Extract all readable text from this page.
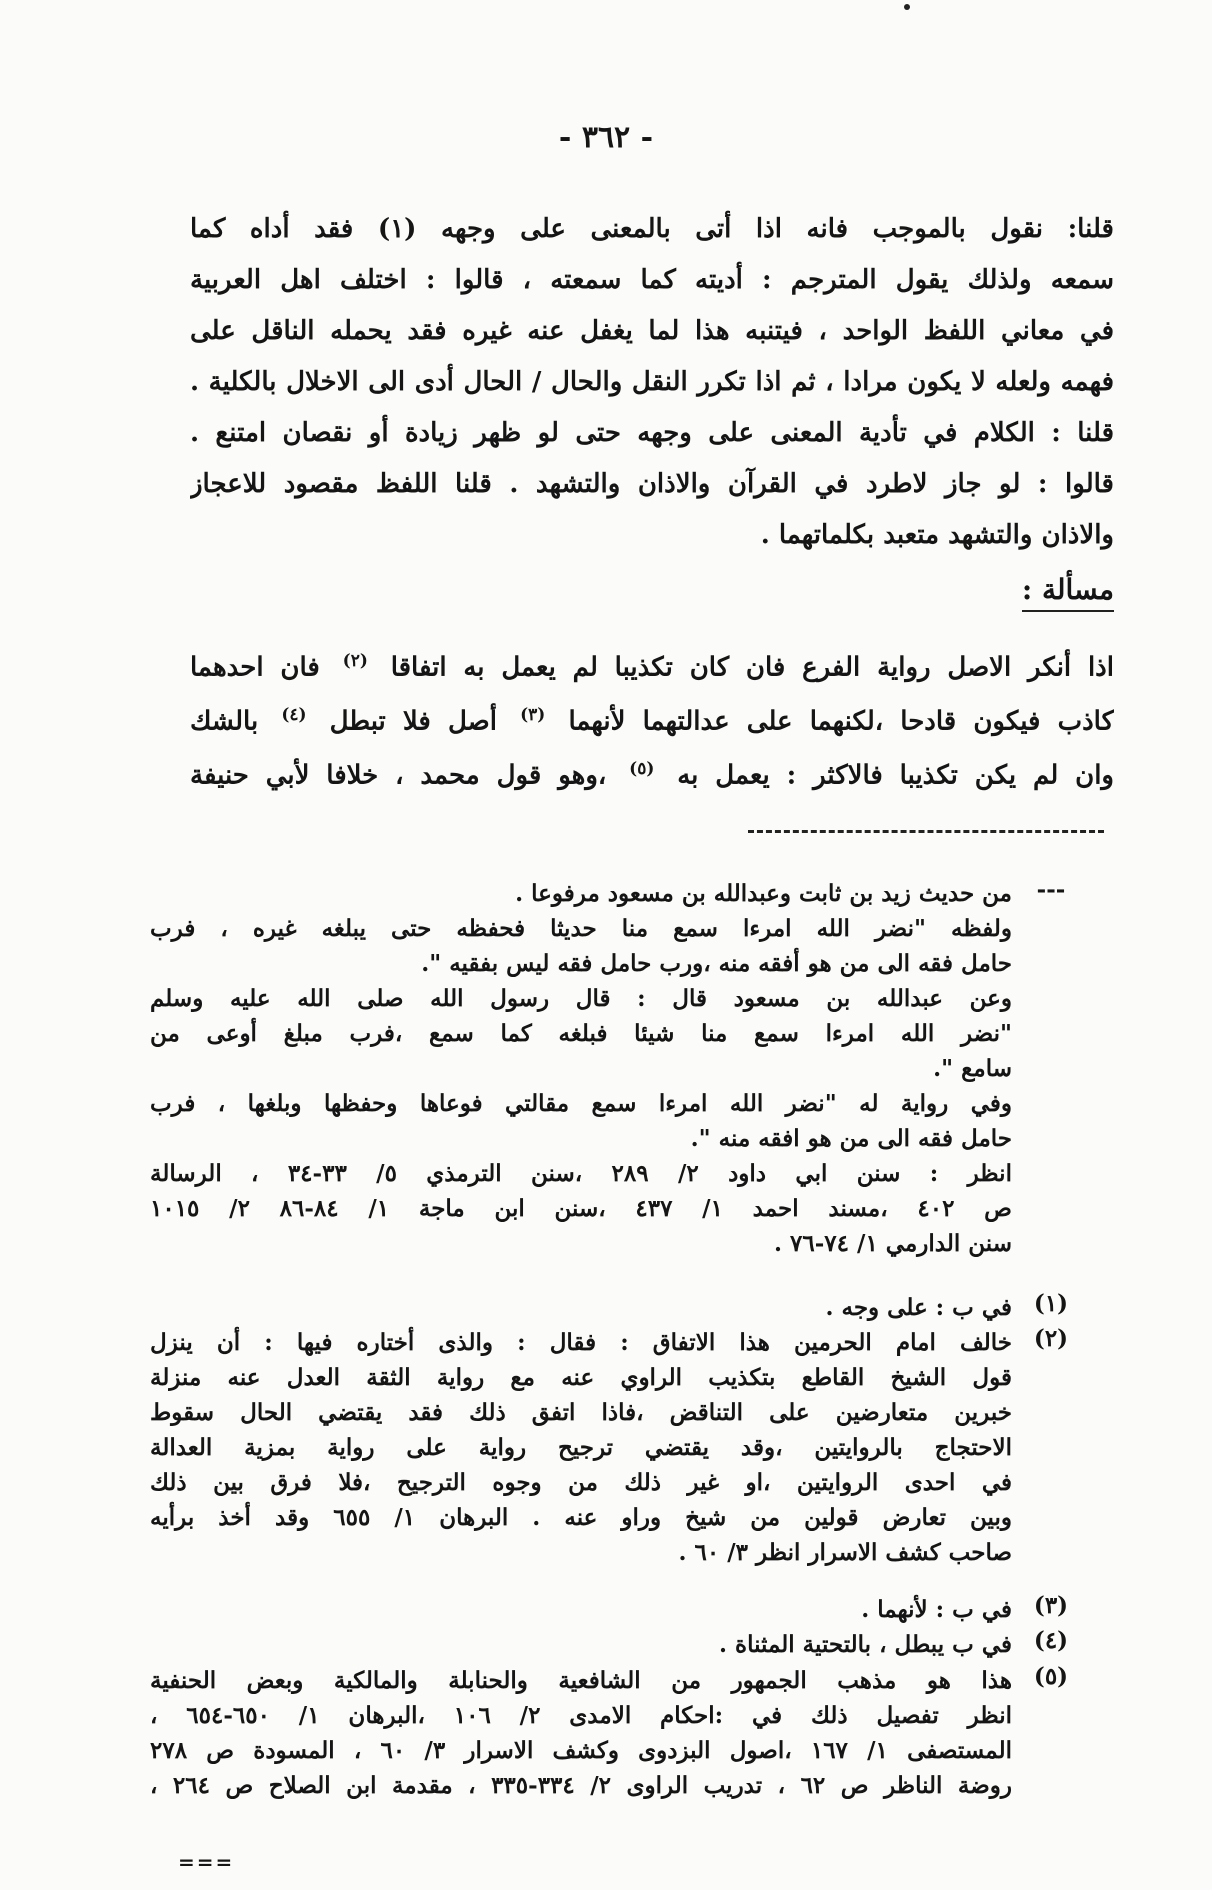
- ٣٦٢ -
قلنا: نقول بالموجب فانه اذا أتى بالمعنى على وجهه (١) فقد أداه كما
سمعه ولذلك يقول المترجم : أديته كما سمعته ، قالوا : اختلف اهل العربية
في معاني اللفظ الواحد ، فيتنبه هذا لما يغفل عنه غيره فقد يحمله الناقل على
فهمه ولعله لا يكون مرادا ، ثم اذا تكرر النقل والحال / الحال أدى الى الاخلال بالكلية .
قلنا : الكلام في تأدية المعنى على وجهه حتى لو ظهر زيادة أو نقصان امتنع .
قالوا : لو جاز لاطرد في القرآن والاذان والتشهد . قلنا اللفظ مقصود للاعجاز
والاذان والتشهد متعبد بكلماتهما .
مسألة :
اذا أنكر الاصل رواية الفرع فان كان تكذيبا لم يعمل به اتفاقا $^{(٢)}$ فان احدهما
كاذب فيكون قادحا ،لكنهما على عدالتهما لأنهما $^{(٣)}$ أصل فلا تبطل $^{(٤)}$ بالشك
وان لم يكن تكذيبا فالاكثر : يعمل به $^{(٥)}$ ،وهو قول محمد ، خلافا لأبي حنيفة
---
من حديث زيد بن ثابت وعبدالله بن مسعود مرفوعا .
ولفظه "نضر الله امرءا سمع منا حديثا فحفظه حتى يبلغه غيره ، فرب
حامل فقه الى من هو أفقه منه ،ورب حامل فقه ليس بفقيه ".
وعن عبدالله بن مسعود قال : قال رسول الله صلى الله عليه وسلم
"نضر الله امرءا سمع منا شيئا فبلغه كما سمع ،فرب مبلغ أوعى من
سامع ".
وفي رواية له "نضر الله امرءا سمع مقالتي فوعاها وحفظها وبلغها ، فرب
حامل فقه الى من هو افقه منه ".
انظر : سنن ابي داود ٢/ ٢٨٩ ،سنن الترمذي ٥/ ٣٣-٣٤ ، الرسالة
ص ٤٠٢ ،مسند احمد ١/ ٤٣٧ ،سنن ابن ماجة ١/ ٨٤-٨٦ ٢/ ١٠١٥
سنن الدارمي ١/ ٧٤-٧٦ .
(١)
في ب : على وجه .
(٢)
خالف امام الحرمين هذا الاتفاق : فقال : والذى أختاره فيها : أن ينزل
قول الشيخ القاطع بتكذيب الراوي عنه مع رواية الثقة العدل عنه منزلة
خبرين متعارضين على التناقض ،فاذا اتفق ذلك فقد يقتضي الحال سقوط
الاحتجاج بالروايتين ،وقد يقتضي ترجيح رواية على رواية بمزية العدالة
في احدى الروايتين ،او غير ذلك من وجوه الترجيح ،فلا فرق بين ذلك
وبين تعارض قولين من شيخ وراو عنه . البرهان ١/ ٦٥٥ وقد أخذ برأيه
صاحب كشف الاسرار انظر ٣/ ٦٠ .
(٣)
في ب : لأنهما .
(٤)
في ب يبطل ، بالتحتية المثناة .
(٥)
هذا هو مذهب الجمهور من الشافعية والحنابلة والمالكية وبعض الحنفية
انظر تفصيل ذلك في :احكام الامدى ٢/ ١٠٦ ،البرهان ١/ ٦٥٠-٦٥٤ ،
المستصفى ١/ ١٦٧ ،اصول البزدوى وكشف الاسرار ٣/ ٦٠ ، المسودة ص ٢٧٨
روضة الناظر ص ٦٢ ، تدريب الراوى ٢/ ٣٣٤-٣٣٥ ، مقدمة ابن الصلاح ص ٢٦٤ ،
===
